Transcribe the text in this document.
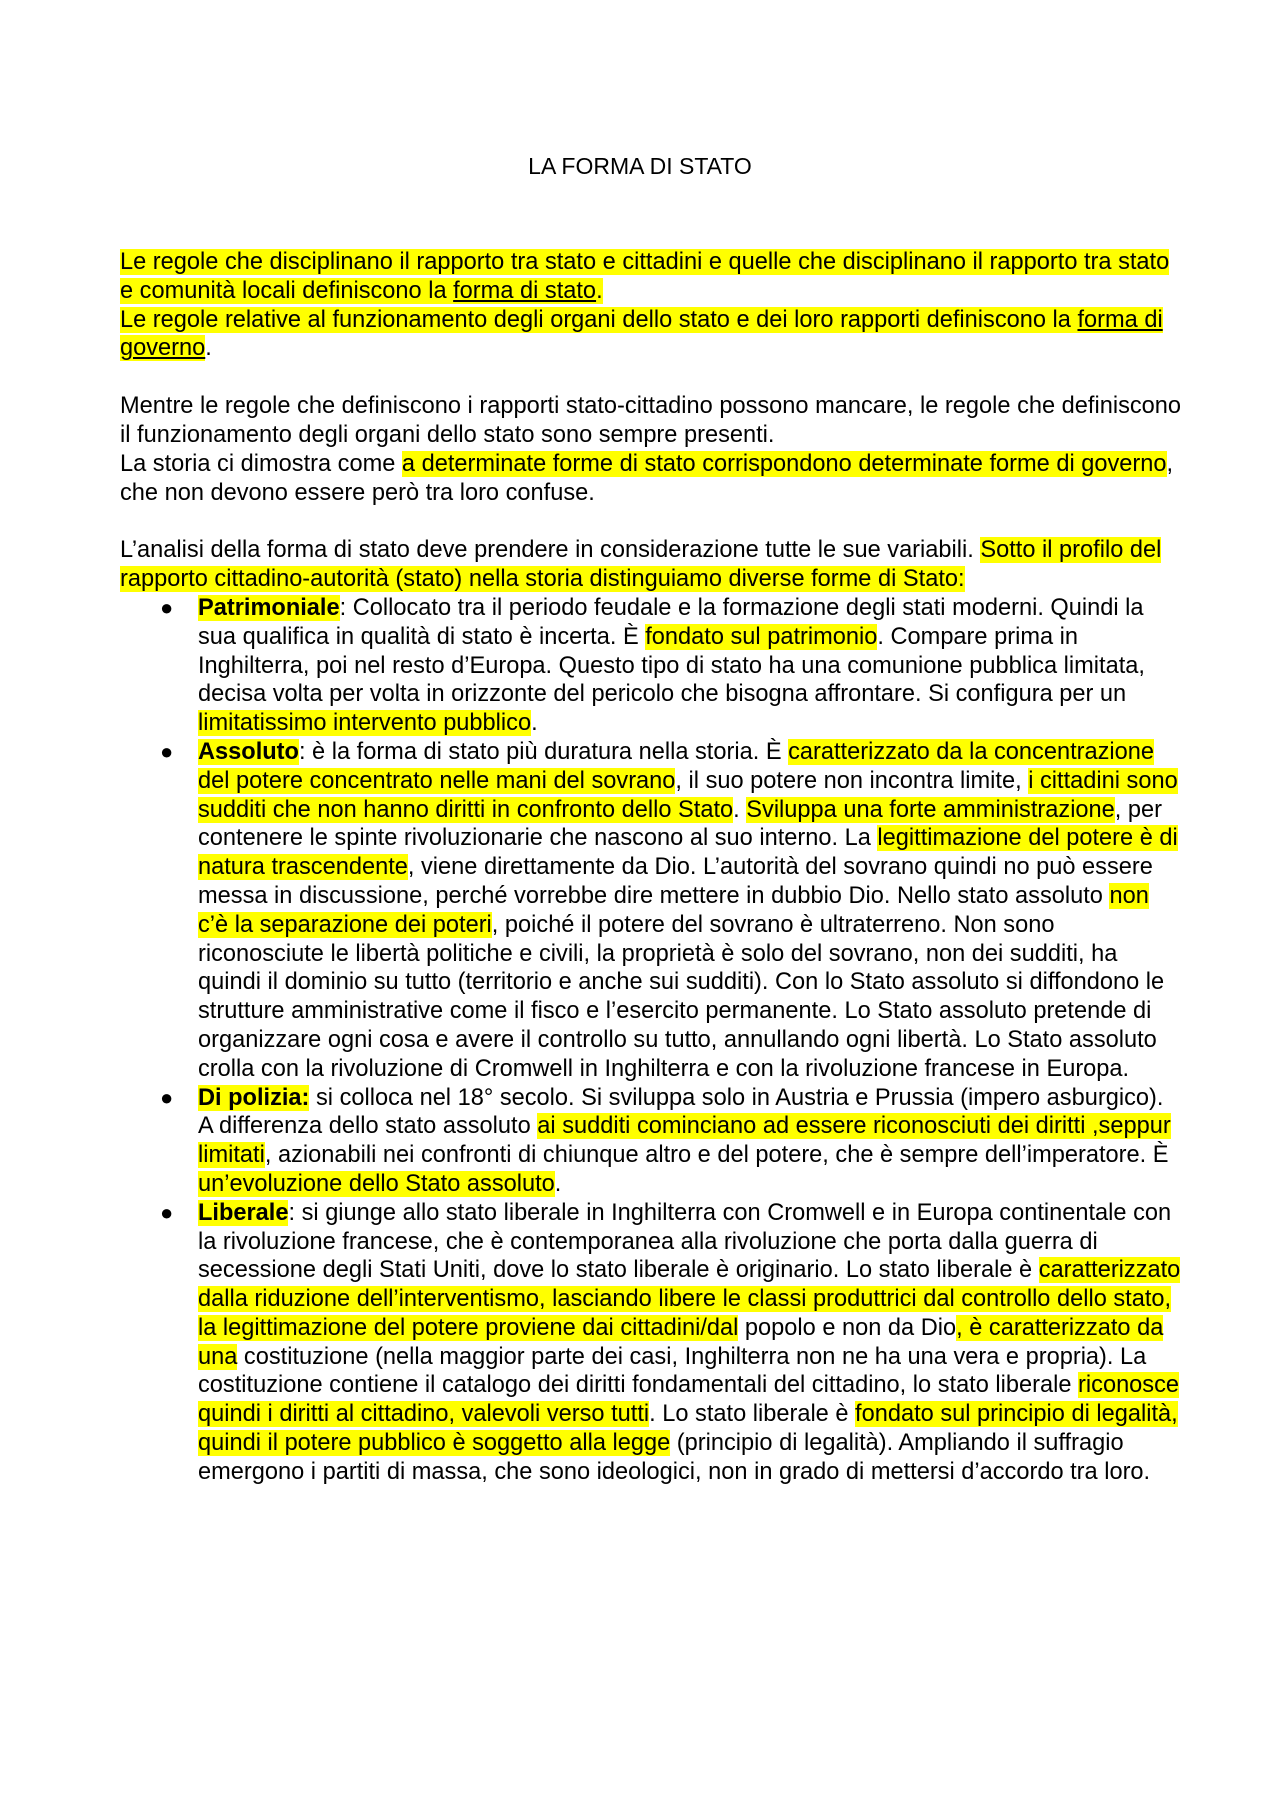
LA FORMA DI STATO

Le regole che disciplinano il rapporto tra stato e cittadini e quelle che disciplinano il rapporto tra stato e comunità locali definiscono la forma di stato.

Le regole relative al funzionamento degli organi dello stato e dei loro rapporti definiscono la forma di governo.

Mentre le regole che definiscono i rapporti stato-cittadino possono mancare, le regole che definiscono il funzionamento degli organi dello stato sono sempre presenti.

La storia ci dimostra come a determinate forme di stato corrispondono determinate forme di governo, che non devono essere però tra loro confuse.

L’analisi della forma di stato deve prendere in considerazione tutte le sue variabili. Sotto il profilo del rapporto cittadino-autorità (stato) nella storia distinguiamo diverse forme di Stato:

● Patrimoniale: Collocato tra il periodo feudale e la formazione degli stati moderni. Quindi la sua qualifica in qualità di stato è incerta. È fondato sul patrimonio. Compare prima in Inghilterra, poi nel resto d’Europa. Questo tipo di stato ha una comunione pubblica limitata, decisa volta per volta in orizzonte del pericolo che bisogna affrontare. Si configura per un limitatissimo intervento pubblico.
● Assoluto: è la forma di stato più duratura nella storia. È caratterizzato da la concentrazione del potere concentrato nelle mani del sovrano, il suo potere non incontra limite, i cittadini sono sudditi che non hanno diritti in confronto dello Stato. Sviluppa una forte amministrazione, per contenere le spinte rivoluzionarie che nascono al suo interno. La legittimazione del potere è di natura trascendente, viene direttamente da Dio. L’autorità del sovrano quindi no può essere messa in discussione, perché vorrebbe dire mettere in dubbio Dio. Nello stato assoluto non c’è la separazione dei poteri, poiché il potere del sovrano è ultraterreno. Non sono riconosciute le libertà politiche e civili, la proprietà è solo del sovrano, non dei sudditi, ha quindi il dominio su tutto (territorio e anche sui sudditi). Con lo Stato assoluto si diffondono le strutture amministrative come il fisco e l’esercito permanente. Lo Stato assoluto pretende di organizzare ogni cosa e avere il controllo su tutto, annullando ogni libertà. Lo Stato assoluto crolla con la rivoluzione di Cromwell in Inghilterra e con la rivoluzione francese in Europa.
● Di polizia: si colloca nel 18° secolo. Si sviluppa solo in Austria e Prussia (impero asburgico). A differenza dello stato assoluto ai sudditi cominciano ad essere riconosciuti dei diritti ,seppur limitati, azionabili nei confronti di chiunque altro e del potere, che è sempre dell’imperatore. È un’evoluzione dello Stato assoluto.
● Liberale: si giunge allo stato liberale in Inghilterra con Cromwell e in Europa continentale con la rivoluzione francese, che è contemporanea alla rivoluzione che porta dalla guerra di secessione degli Stati Uniti, dove lo stato liberale è originario. Lo stato liberale è caratterizzato dalla riduzione dell’interventismo, lasciando libere le classi produttrici dal controllo dello stato, la legittimazione del potere proviene dai cittadini/dal popolo e non da Dio, è caratterizzato da una costituzione (nella maggior parte dei casi, Inghilterra non ne ha una vera e propria). La costituzione contiene il catalogo dei diritti fondamentali del cittadino, lo stato liberale riconosce quindi i diritti al cittadino, valevoli verso tutti. Lo stato liberale è fondato sul principio di legalità, quindi il potere pubblico è soggetto alla legge (principio di legalità). Ampliando il suffragio emergono i partiti di massa, che sono ideologici, non in grado di mettersi d’accordo tra loro.
